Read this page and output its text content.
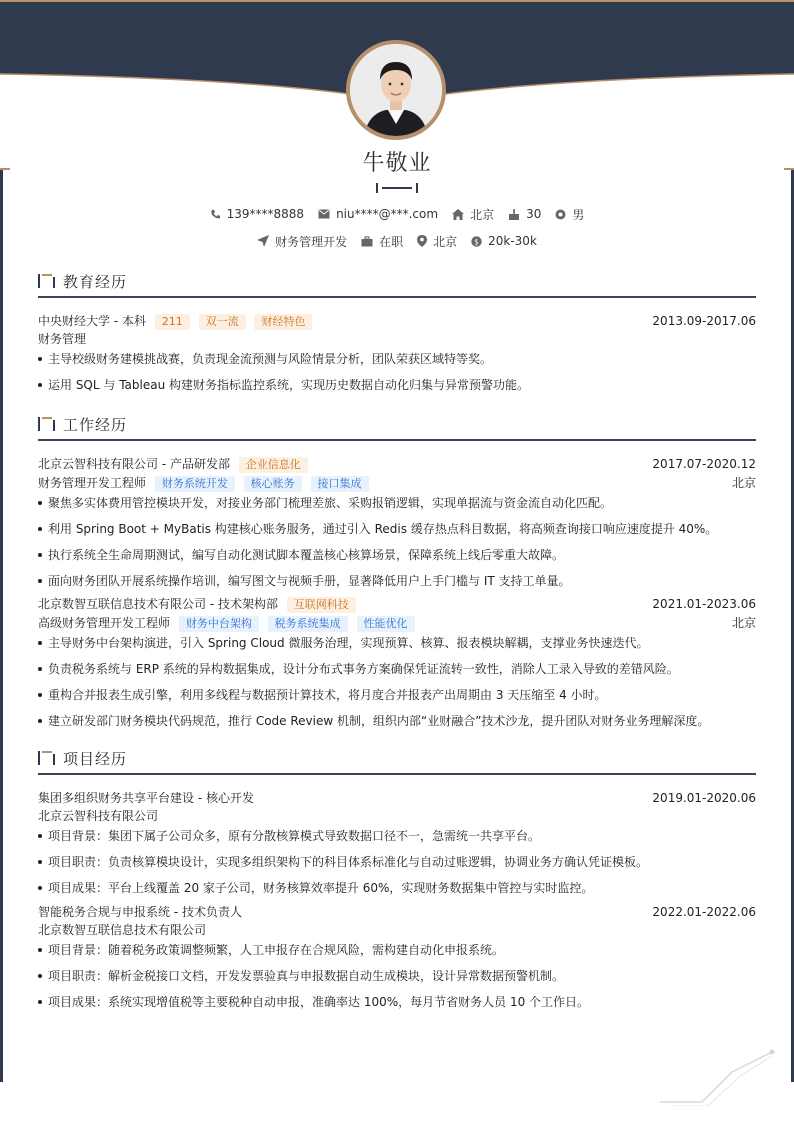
牛敬业
139****8888	niu****@***.com	北京	30	男
财务管理开发	在职	北京 $ 20k-30k
教育经历
中央财经大学 - 本科 211 双一流 财经特色	2013.09-2017.06
财务管理
主导校级财务建模挑战赛，负责现金流预测与风险情景分析，团队荣获区域特等奖。
运用 SQL 与 Tableau 构建财务指标监控系统，实现历史数据自动化归集与异常预警功能。
工作经历
北京云智科技有限公司 - 产品研发部 企业信息化	2017.07-2020.12
财务管理开发工程师 财务系统开发 核心账务 接口集成	北京
聚焦多实体费用管控模块开发，对接业务部门梳理差旅、采购报销逻辑，实现单据流与资金流自动化匹配。
利用 Spring Boot + MyBatis 构建核心账务服务，通过引入 Redis 缓存热点科目数据，将高频查询接口响应速度提升 40%。
执行系统全生命周期测试，编写自动化测试脚本覆盖核心核算场景，保障系统上线后零重大故障。
面向财务团队开展系统操作培训，编写图文与视频手册，显著降低用户上手门槛与 IT 支持工单量。
北京数智互联信息技术有限公司 - 技术架构部 互联网科技	2021.01-2023.06
高级财务管理开发工程师 财务中台架构 税务系统集成 性能优化	北京
主导财务中台架构演进，引入 Spring Cloud 微服务治理，实现预算、核算、报表模块解耦，支撑业务快速迭代。
负责税务系统与 ERP 系统的异构数据集成，设计分布式事务方案确保凭证流转一致性，消除人工录入导致的差错风险。
重构合并报表生成引擎，利用多线程与数据预计算技术，将月度合并报表产出周期由 3 天压缩至 4 小时。
建立研发部门财务模块代码规范，推行 Code Review 机制，组织内部“业财融合”技术沙龙，提升团队对财务业务理解深度。
项目经历
集团多组织财务共享平台建设 - 核心开发	2019.01-2020.06
北京云智科技有限公司
项目背景：集团下属子公司众多，原有分散核算模式导致数据口径不一，急需统一共享平台。
项目职责：负责核算模块设计，实现多组织架构下的科目体系标准化与自动过账逻辑，协调业务方确认凭证模板。
项目成果：平台上线覆盖 20 家子公司，财务核算效率提升 60%，实现财务数据集中管控与实时监控。
智能税务合规与申报系统 - 技术负责人	2022.01-2022.06
北京数智互联信息技术有限公司
项目背景：随着税务政策调整频繁，人工申报存在合规风险，需构建自动化申报系统。
项目职责：解析金税接口文档，开发发票验真与申报数据自动生成模块，设计异常数据预警机制。
项目成果：系统实现增值税等主要税种自动申报，准确率达 100%，每月节省财务人员 10 个工作日。
